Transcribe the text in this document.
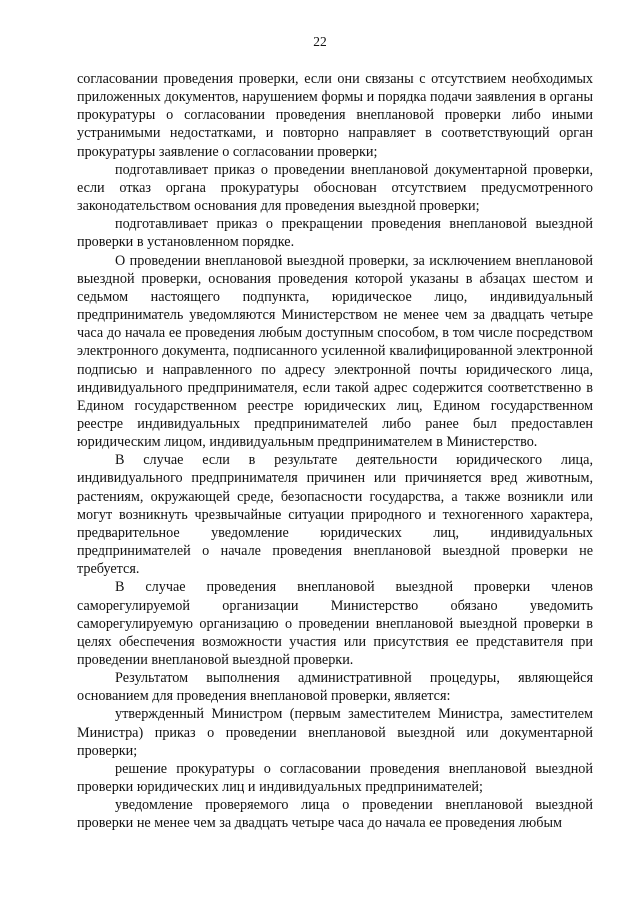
22

согласовании проведения проверки, если они связаны с отсутствием необходимых приложенных документов, нарушением формы и порядка подачи заявления в органы прокуратуры о согласовании проведения внеплановой проверки либо иными устранимыми недостатками, и повторно направляет в соответствующий орган прокуратуры заявление о согласовании проверки;

подготавливает приказ о проведении внеплановой документарной проверки, если отказ органа прокуратуры обоснован отсутствием предусмотренного законодательством основания для проведения выездной проверки;

подготавливает приказ о прекращении проведения внеплановой выездной проверки в установленном порядке.

О проведении внеплановой выездной проверки, за исключением внеплановой выездной проверки, основания проведения которой указаны в абзацах шестом и седьмом настоящего подпункта, юридическое лицо, индивидуальный предприниматель уведомляются Министерством не менее чем за двадцать четыре часа до начала ее проведения любым доступным способом, в том числе посредством электронного документа, подписанного усиленной квалифицированной электронной подписью и направленного по адресу электронной почты юридического лица, индивидуального предпринимателя, если такой адрес содержится соответственно в Едином государственном реестре юридических лиц, Едином государственном реестре индивидуальных предпринимателей либо ранее был предоставлен юридическим лицом, индивидуальным предпринимателем в Министерство.

В случае если в результате деятельности юридического лица, индивидуального предпринимателя причинен или причиняется вред животным, растениям, окружающей среде, безопасности государства, а также возникли или могут возникнуть чрезвычайные ситуации природного и техногенного характера, предварительное уведомление юридических лиц, индивидуальных предпринимателей о начале проведения внеплановой выездной проверки не требуется.

В случае проведения внеплановой выездной проверки членов саморегулируемой организации Министерство обязано уведомить саморегулируемую организацию о проведении внеплановой выездной проверки в целях обеспечения возможности участия или присутствия ее представителя при проведении внеплановой выездной проверки.

Результатом выполнения административной процедуры, являющейся основанием для проведения внеплановой проверки, является:

утвержденный Министром (первым заместителем Министра, заместителем Министра) приказ о проведении внеплановой выездной или документарной проверки;

решение прокуратуры о согласовании проведения внеплановой выездной проверки юридических лиц и индивидуальных предпринимателей;

уведомление проверяемого лица о проведении внеплановой выездной проверки не менее чем за двадцать четыре часа до начала ее проведения любым
